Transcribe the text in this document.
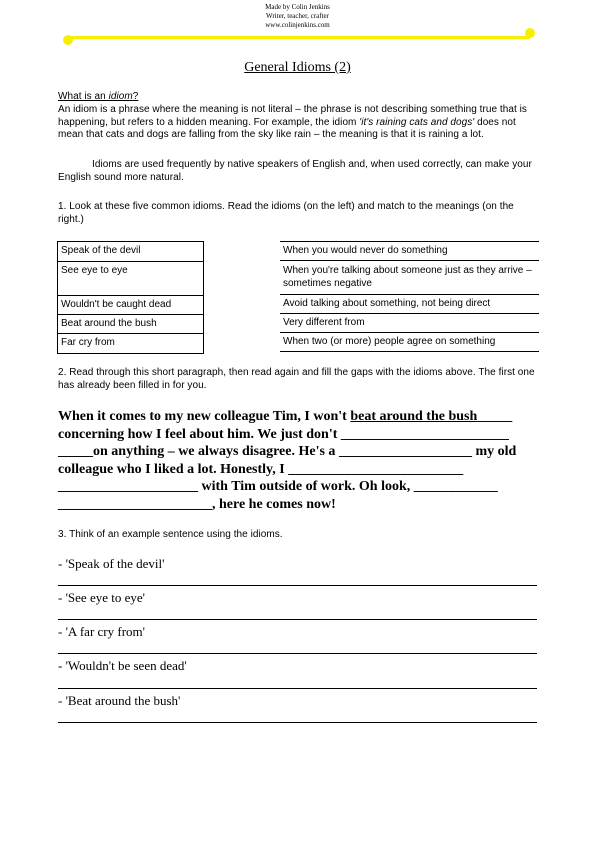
Made by Colin Jenkins
Writer, teacher, crafter
www.colinjenkins.com
General Idioms (2)
What is an idiom?
An idiom is a phrase where the meaning is not literal – the phrase is not describing something true that is happening, but refers to a hidden meaning. For example, the idiom 'it's raining cats and dogs' does not mean that cats and dogs are falling from the sky like rain – the meaning is that it is raining a lot.
Idioms are used frequently by native speakers of English and, when used correctly, can make your English sound more natural.
1. Look at these five common idioms. Read the idioms (on the left) and match to the meanings (on the right.)
Speak of the devil
See eye to eye
Wouldn't be caught dead
Beat around the bush
Far cry from
When you would never do something
When you're talking about someone just as they arrive – sometimes negative
Avoid talking about something, not being direct
Very different from
When two (or more) people agree on something
2. Read through this short paragraph, then read again and fill the gaps with the idioms above. The first one has already been filled in for you.
When it comes to my new colleague Tim, I won't beat around the bush_____ concerning how I feel about him. We just don't ________________________ _____on anything – we always disagree. He's a ___________________ my old colleague who I liked a lot. Honestly, I _________________________ ____________________ with Tim outside of work. Oh look, ____________ ______________________, here he comes now!
3. Think of an example sentence using the idioms.
- 'Speak of the devil'
- 'See eye to eye'
- 'A far cry from'
- 'Wouldn't be seen dead'
- 'Beat around the bush'
